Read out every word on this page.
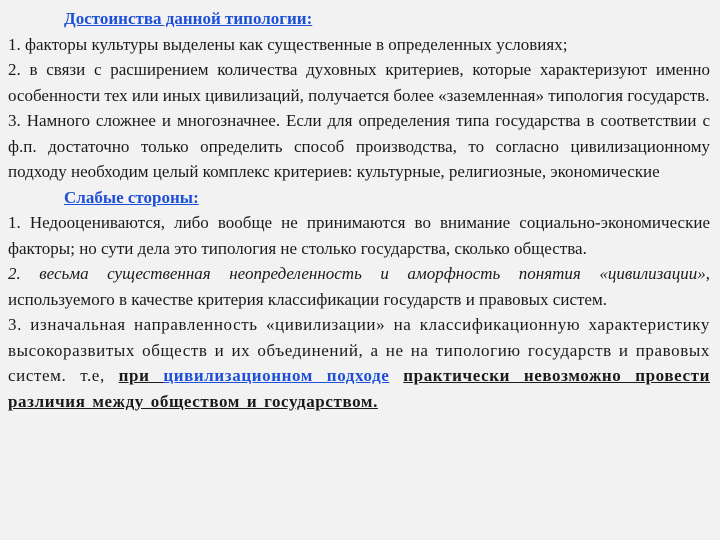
Достоинства данной типологии:

1. факторы культуры выделены как существенные в определенных условиях;

2. в связи с расширением количества духовных критериев, которые характеризуют именно особенности тех или иных цивилизаций, получается более «заземленная» типология государств.

3. Намного сложнее и многозначнее. Если для определения типа государства в соответствии с ф.п. достаточно только определить способ производства, то согласно цивилизационному подходу необходим целый комплекс критериев: культурные, религиозные, экономические

Слабые стороны:

1. Недооцениваются, либо вообще не принимаются во внимание социально-экономические факторы; но сути дела это типология не столько государства, сколько общества.

2. весьма существенная неопределенность и аморфность понятия «цивилизации», используемого в качестве критерия классификации государств и правовых систем.

3. изначальная направленность «цивилизации» на классификационную характеристику высокоразвитых обществ и их объединений, а не на типологию государств и правовых систем. т.е, при цивилизационном подходе практически невозможно провести различия между обществом и государством.
